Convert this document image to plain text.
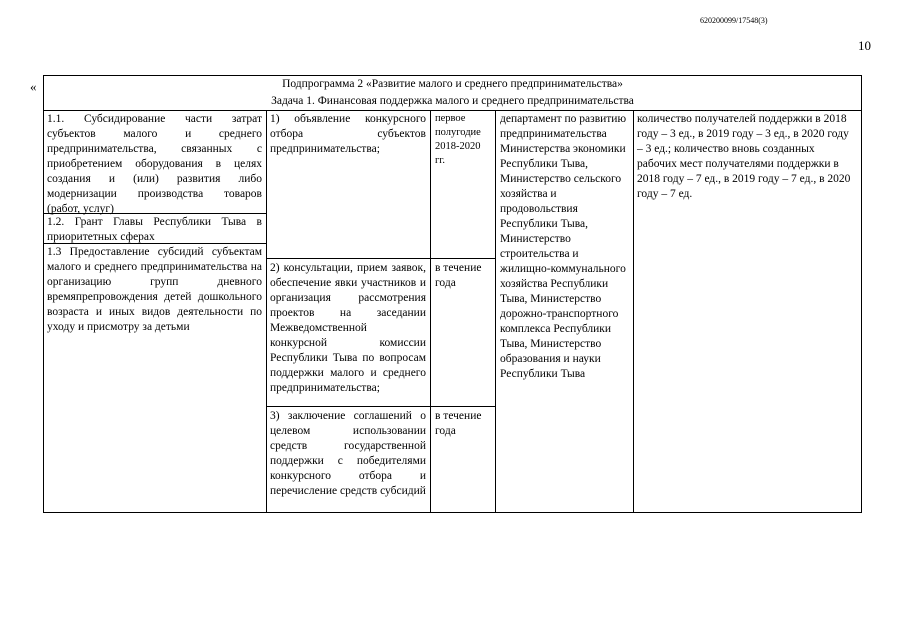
620200099/17548(3)
10
«	Подпрограмма 2 «Развитие малого и среднего предпринимательства»
Задача 1. Финансовая поддержка малого и среднего предпринимательства
1.1. Субсидирование части затрат субъектов малого и среднего предпринимательства, связанных с приобретением оборудования в целях создания и (или) развития либо модернизации производства товаров (работ, услуг)
1.2. Грант Главы Республики Тыва в приоритетных сферах
1.3 Предоставление субсидий субъектам малого и среднего предпринимательства на организацию групп дневного времяпрепровождения детей дошкольного возраста и иных видов деятельности по уходу и присмотру за детьми
1) объявление конкурсного отбора субъектов предпринимательства;
2) консультации, прием заявок, обеспечение явки участников и организация рассмотрения проектов на заседании Межведомственной конкурсной комиссии Республики Тыва по вопросам поддержки малого и среднего предпринимательства;
3) заключение соглашений о целевом использовании средств государственной поддержки с победителями конкурсного отбора и перечисление средств субсидий
первое полугодие 2018-2020 гг.
в течение года
в течение года
департамент по развитию предпринимательства Министерства экономики Республики Тыва, Министерство сельского хозяйства и продовольствия Республики Тыва, Министерство строительства и жилищно-коммунального хозяйства Республики Тыва, Министерство дорожно-транспортного комплекса Республики Тыва, Министерство образования и науки Республики Тыва
количество получателей поддержки в 2018 году – 3 ед., в 2019 году – 3 ед., в 2020 году – 3 ед.; количество вновь созданных рабочих мест получателями поддержки в 2018 году – 7 ед., в 2019 году – 7 ед., в 2020 году – 7 ед.
